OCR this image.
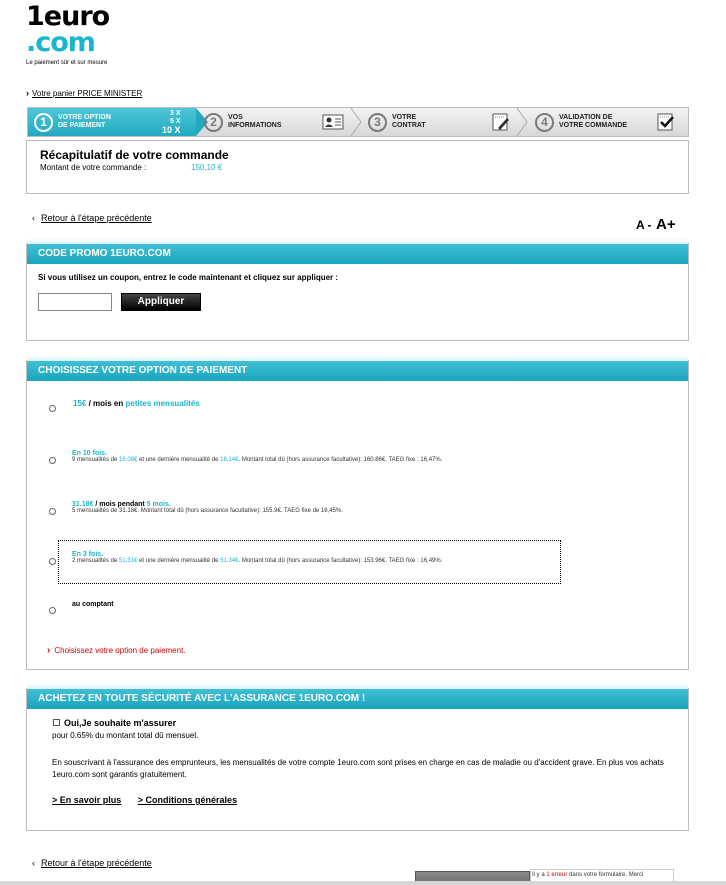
1euro
.com
Le paiement sûr et sur mesure
› Votre panier PRICE MINISTER
1	VOTRE OPTION
DE PAIEMENT
3 X
5 X
10 X
2	VOS
INFORMATIONS	3	VOTRE
CONTRAT	4	VALIDATION DE
VOTRE COMMANDE
Récapitulatif de votre commande
Montant de votre commande :	150,10 €
‹ Retour à l'étape précédente	A - A+
CODE PROMO 1EURO.COM
Si vous utilisez un coupon, entrez le code maintenant et cliquez sur appliquer :
Appliquer
CHOISISSEZ VOTRE OPTION DE PAIEMENT
15€ / mois en petites mensualités
En 10 fois.
9 mensualités de 16.08€ et une dernière mensualité de 16.14€. Montant total dû (hors assurance facultative): 160.86€. TAEG fixe : 16,47%.
31.18€ / mois pendant 5 mois.
5 mensualités de 31.18€. Montant total dû (hors assurance facultative): 155.9€. TAEG fixe de 16,45%.
En 3 fois.
2 mensualités de 51.31€ et une dernière mensualité de 51.34€. Montant total dû (hors assurance facultative): 153.96€. TAEG fixe : 16,49%.
au comptant
› Choisissez votre option de paiement.
ACHETEZ EN TOUTE SÉCURITÉ AVEC L'ASSURANCE 1EURO.COM !
Oui,Je souhaite m'assurer
pour 0.65% du montant total dû mensuel.
En souscrivant à l'assurance des emprunteurs, les mensualités de votre compte 1euro.com sont prises en charge en cas de maladie ou d'accident grave. En plus vos achats 1euro.com sont garantis gratuitement.
> En savoir plus > Conditions générales
‹ Retour à l'étape précédente
Il y a 1 erreur dans votre formulaire. Merci
